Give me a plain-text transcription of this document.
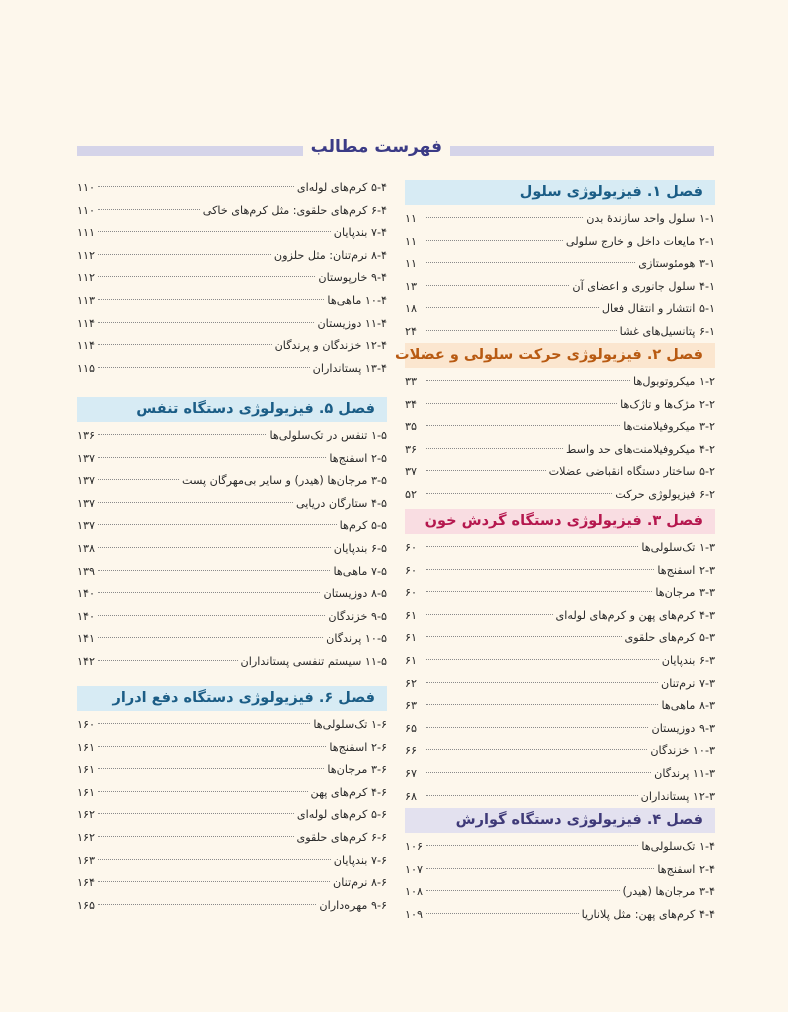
فهرست مطالب
فصل ۱. فیزیولوژی سلول
۱-۱ سلول واحد سازندهٔ بدن
۱۱
۲-۱ مایعات داخل و خارج سلولی
۱۱
۳-۱ هومئوستازی
۱۱
۴-۱ سلول جانوری و اعضای آن
۱۳
۵-۱ انتشار و انتقال فعال
۱۸
۶-۱ پتانسیل‌های غشا
۲۴
فصل ۲. فیزیولوژی حرکت سلولی و عضلات
۱-۲ میکروتوبول‌ها
۳۳
۲-۲ مژک‌ها و تاژک‌ها
۳۴
۳-۲ میکروفیلامنت‌ها
۳۵
۴-۲ میکروفیلامنت‌های حد واسط
۳۶
۵-۲ ساختار دستگاه انقباضی عضلات
۳۷
۶-۲ فیزیولوژی حرکت
۵۲
فصل ۳. فیزیولوژی دستگاه گردش خون
۱-۳ تک‌سلولی‌ها
۶۰
۲-۳ اسفنج‌ها
۶۰
۳-۳ مرجان‌ها
۶۰
۴-۳ کرم‌های پهن و کرم‌های لوله‌ای
۶۱
۵-۳ کرم‌های حلقوی
۶۱
۶-۳ بندپایان
۶۱
۷-۳ نرم‌تنان
۶۲
۸-۳ ماهی‌ها
۶۳
۹-۳ دوزیستان
۶۵
۱۰-۳ خزندگان
۶۶
۱۱-۳ پرندگان
۶۷
۱۲-۳ پستانداران
۶۸
فصل ۴. فیزیولوژی دستگاه گوارش
۱-۴ تک‌سلولی‌ها
۱۰۶
۲-۴ اسفنج‌ها
۱۰۷
۳-۴ مرجان‌ها (هیدر)
۱۰۸
۴-۴ کرم‌های پهن: مثل پلاناریا
۱۰۹
۵-۴ کرم‌های لوله‌ای
۱۱۰
۶-۴ کرم‌های حلقوی: مثل کرم‌های خاکی
۱۱۰
۷-۴ بندپایان
۱۱۱
۸-۴ نرم‌تنان: مثل حلزون
۱۱۲
۹-۴ خارپوستان
۱۱۲
۱۰-۴ ماهی‌ها
۱۱۳
۱۱-۴ دوزیستان
۱۱۴
۱۲-۴ خزندگان و پرندگان
۱۱۴
۱۳-۴ پستانداران
۱۱۵
فصل ۵. فیزیولوژی دستگاه تنفس
۱-۵ تنفس در تک‌سلولی‌ها
۱۳۶
۲-۵ اسفنج‌ها
۱۳۷
۳-۵ مرجان‌ها (هیدر) و سایر بی‌مهرگان پست
۱۳۷
۴-۵ ستارگان دریایی
۱۳۷
۵-۵ کرم‌ها
۱۳۷
۶-۵ بندپایان
۱۳۸
۷-۵ ماهی‌ها
۱۳۹
۸-۵ دوزیستان
۱۴۰
۹-۵ خزندگان
۱۴۰
۱۰-۵ پرندگان
۱۴۱
۱۱-۵ سیستم تنفسی پستانداران
۱۴۲
فصل ۶. فیزیولوژی دستگاه دفع ادرار
۱-۶ تک‌سلولی‌ها
۱۶۰
۲-۶ اسفنج‌ها
۱۶۱
۳-۶ مرجان‌ها
۱۶۱
۴-۶ کرم‌های پهن
۱۶۱
۵-۶ کرم‌های لوله‌ای
۱۶۲
۶-۶ کرم‌های حلقوی
۱۶۲
۷-۶ بندپایان
۱۶۳
۸-۶ نرم‌تنان
۱۶۴
۹-۶ مهره‌داران
۱۶۵
